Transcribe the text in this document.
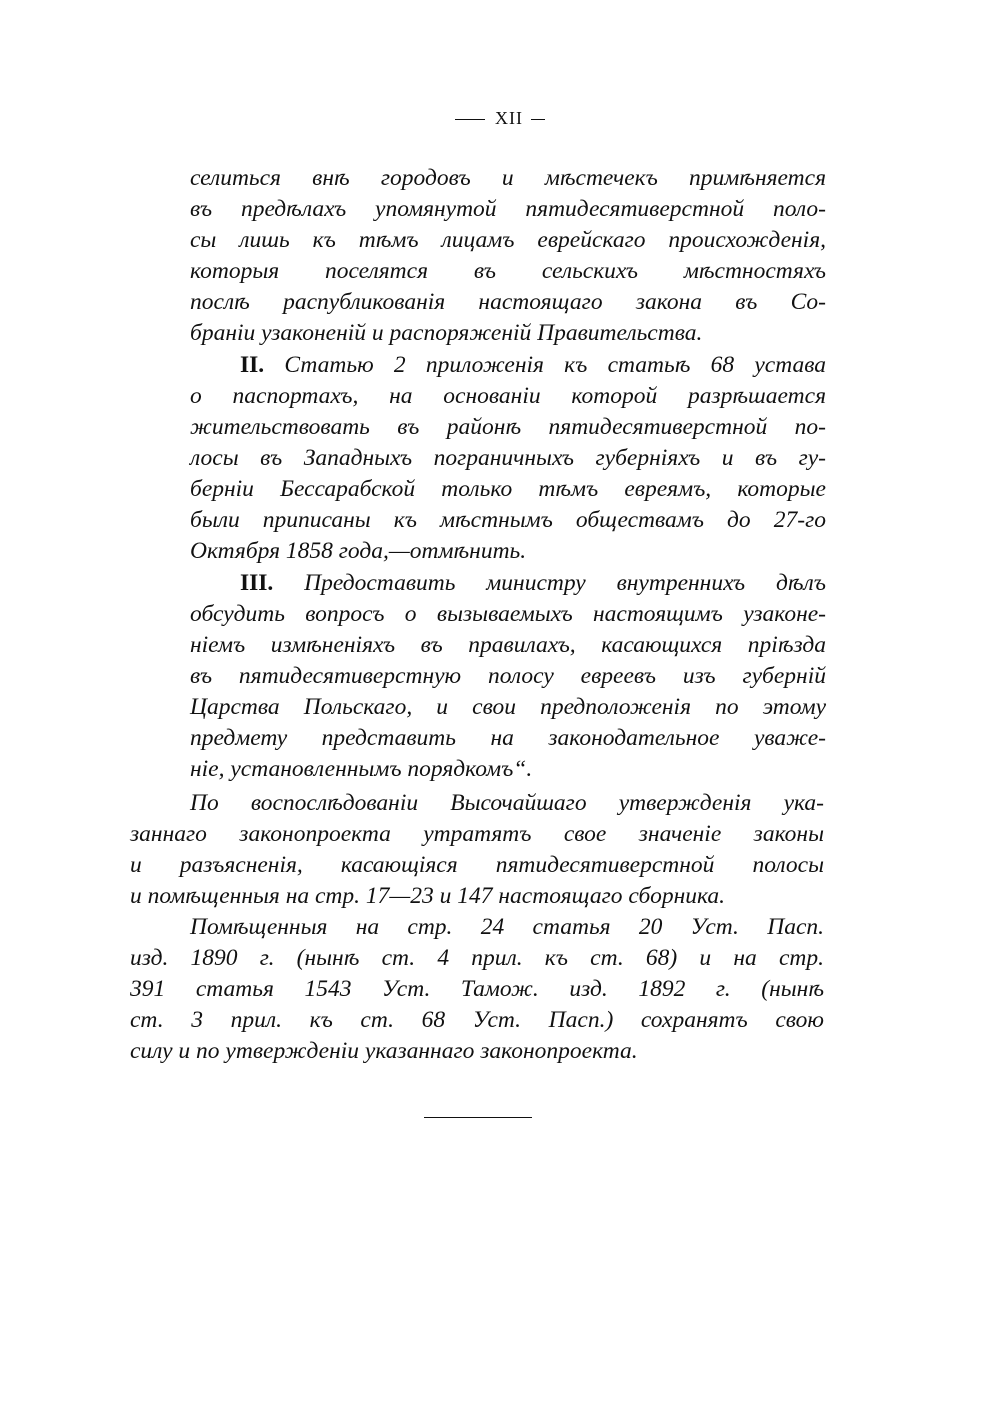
XII
селиться внѣ городовъ и мѣстечекъ примѣняется
въ предѣлахъ упомянутой пятидесятиверстной поло-
сы лишь къ тѣмъ лицамъ еврейскаго происхожденія,
которыя поселятся въ сельскихъ мѣстностяхъ
послѣ распубликованія настоящаго закона въ Со-
браніи узаконеній и распоряженій Правительства.
II. Статью 2 приложенія къ статьѣ 68 устава
о паспортахъ, на основаніи которой разрѣшается
жительствовать въ районѣ пятидесятиверстной по-
лосы въ Западныхъ пограничныхъ губерніяхъ и въ гу-
берніи Бессарабской только тѣмъ евреямъ, которые
были приписаны къ мѣстнымъ обществамъ до 27-го
Октября 1858 года,—отмѣнить.
III. Предоставить министру внутреннихъ дѣлъ
обсудить вопросъ о вызываемыхъ настоящимъ узаконе-
ніемъ измѣненіяхъ въ правилахъ, касающихся пріѣзда
въ пятидесятиверстную полосу евреевъ изъ губерній
Царства Польскаго, и свои предположенія по этому
предмету представить на законодательное уваже-
ніе, установленнымъ порядкомъ“.
По воспослѣдованіи Высочайшаго утвержденія ука-
заннаго законопроекта утратятъ свое значеніе законы
и разъясненія, касающіяся пятидесятиверстной полосы
и помѣщенныя на стр. 17—23 и 147 настоящаго сборника.
Помѣщенныя на стр. 24 статья 20 Уст. Пасп.
изд. 1890 г. (нынѣ ст. 4 прил. къ ст. 68) и на стр.
391 статья 1543 Уст. Тамож. изд. 1892 г. (нынѣ
ст. 3 прил. къ ст. 68 Уст. Пасп.) сохранятъ свою
силу и по утвержденіи указаннаго законопроекта.
